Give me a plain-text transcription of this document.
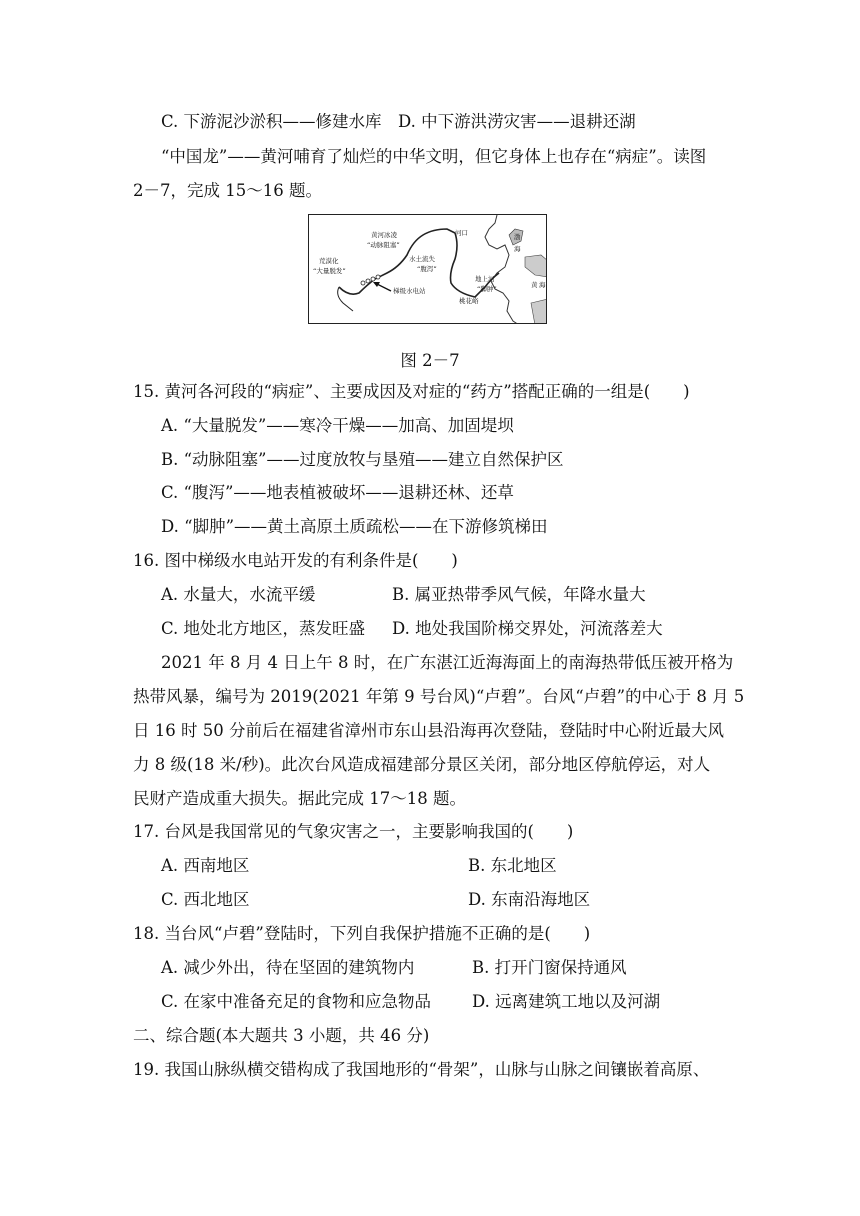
C. 下游泥沙淤积——修建水库　D. 中下游洪涝灾害——退耕还湖
“中国龙”——黄河哺育了灿烂的中华文明，但它身体上也存在“病症”。读图
2－7，完成 15～16 题。
荒漠化
“大量脱发”
黄河冰凌
“动脉阻塞”
河口
水土流失
“腹泻”
梯级水电站
地上河
“脚肿”
桃花峪
渤
海
黄 海
图 2－7
15. 黄河各河段的“病症”、主要成因及对症的“药方”搭配正确的一组是(　　)
A. “大量脱发”——寒冷干燥——加高、加固堤坝
B. “动脉阻塞”——过度放牧与垦殖——建立自然保护区
C. “腹泻”——地表植被破坏——退耕还林、还草
D. “脚肿”——黄土高原土质疏松——在下游修筑梯田
16. 图中梯级水电站开发的有利条件是(　　)
A. 水量大，水流平缓	B. 属亚热带季风气候，年降水量大
C. 地处北方地区，蒸发旺盛 D. 地处我国阶梯交界处，河流落差大
2021 年 8 月 4 日上午 8 时，在广东湛江近海海面上的南海热带低压被开格为
热带风暴，编号为 2019(2021 年第 9 号台风)“卢碧”。台风“卢碧”的中心于 8 月 5
日 16 时 50 分前后在福建省漳州市东山县沿海再次登陆，登陆时中心附近最大风
力 8 级(18 米/秒)。此次台风造成福建部分景区关闭，部分地区停航停运，对人
民财产造成重大损失。据此完成 17～18 题。
17. 台风是我国常见的气象灾害之一，主要影响我国的(　　)
A. 西南地区	B. 东北地区
C. 西北地区	D. 东南沿海地区
18. 当台风“卢碧”登陆时，下列自我保护措施不正确的是(　　)
A. 减少外出，待在坚固的建筑物内	B. 打开门窗保持通风
C. 在家中准备充足的食物和应急物品 D. 远离建筑工地以及河湖
二、综合题(本大题共 3 小题，共 46 分)
19. 我国山脉纵横交错构成了我国地形的“骨架”，山脉与山脉之间镶嵌着高原、
